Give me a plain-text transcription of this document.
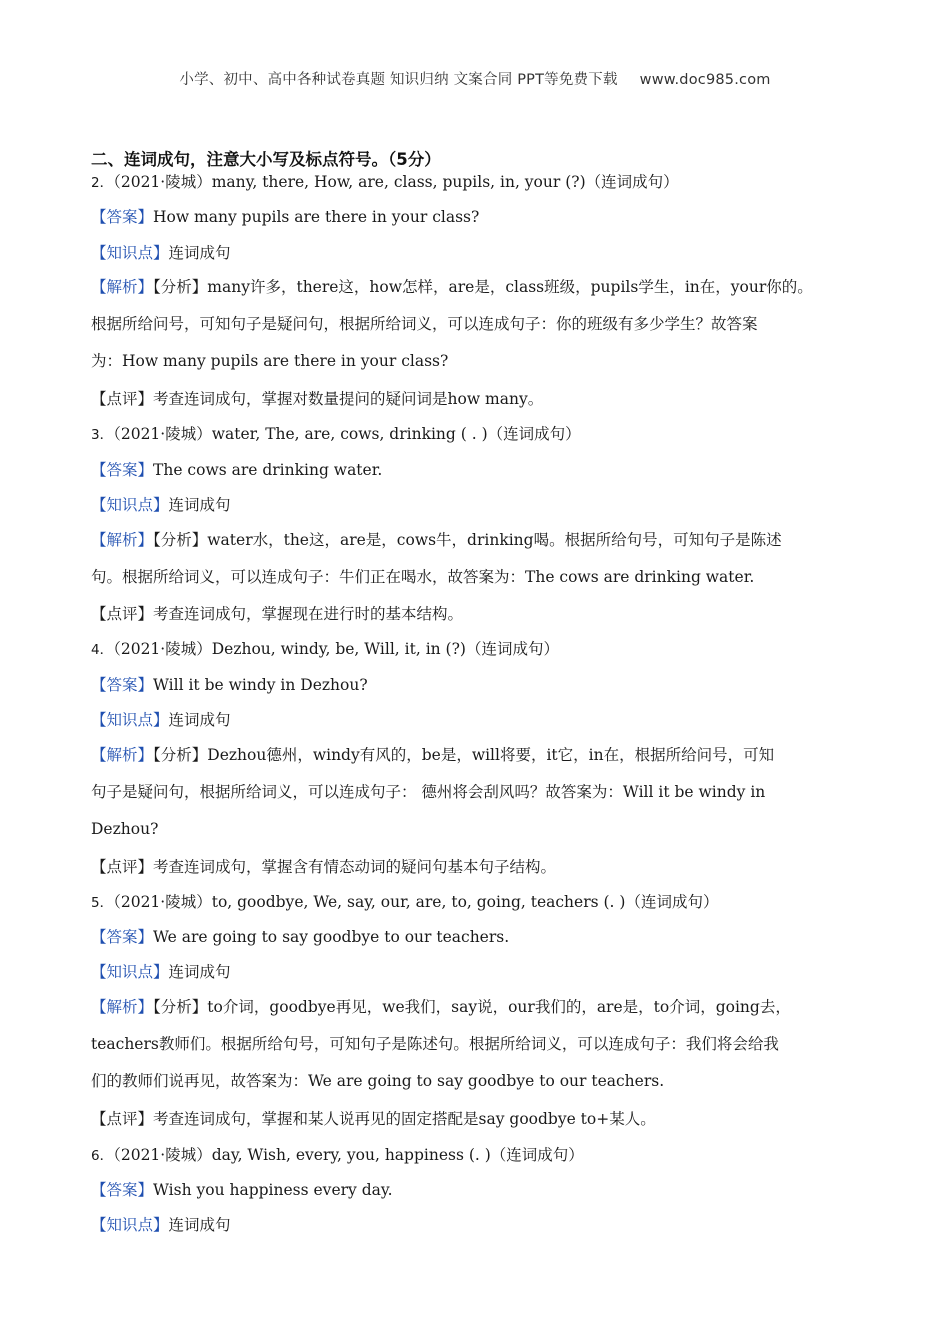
小学、初中、高中各种试卷真题 知识归纳 文案合同 PPT等免费下载 www.doc985.com
二、连词成句，注意大小写及标点符号。（5分）
2．（2021·陵城）many, there, How, are, class, pupils, in, your (?)（连词成句）
【答案】How many pupils are there in your class?
【知识点】连词成句
【解析】【分析】many许多，there这，how怎样，are是，class班级，pupils学生，in在，your你的。
根据所给问号，可知句子是疑问句，根据所给词义，可以连成句子：你的班级有多少学生？故答案
为：How many pupils are there in your class?
【点评】考查连词成句，掌握对数量提问的疑问词是how many。
3．（2021·陵城）water, The, are, cows, drinking ( . )（连词成句）
【答案】The cows are drinking water.
【知识点】连词成句
【解析】【分析】water水，the这，are是，cows牛，drinking喝。根据所给句号，可知句子是陈述
句。根据所给词义，可以连成句子：牛们正在喝水，故答案为：The cows are drinking water.
【点评】考查连词成句，掌握现在进行时的基本结构。
4．（2021·陵城）Dezhou, windy, be, Will, it, in (?)（连词成句）
【答案】Will it be windy in Dezhou?
【知识点】连词成句
【解析】【分析】Dezhou德州，windy有风的，be是，will将要，it它，in在，根据所给问号，可知
句子是疑问句，根据所给词义，可以连成句子： 德州将会刮风吗？故答案为：Will it be windy in
Dezhou?
【点评】考查连词成句，掌握含有情态动词的疑问句基本句子结构。
5．（2021·陵城）to, goodbye, We, say, our, are, to, going, teachers (. )（连词成句）
【答案】We are going to say goodbye to our teachers.
【知识点】连词成句
【解析】【分析】to介词，goodbye再见，we我们，say说，our我们的，are是，to介词，going去，
teachers教师们。根据所给句号，可知句子是陈述句。根据所给词义，可以连成句子：我们将会给我
们的教师们说再见，故答案为：We are going to say goodbye to our teachers.
【点评】考查连词成句，掌握和某人说再见的固定搭配是say goodbye to+某人。
6．（2021·陵城）day, Wish, every, you, happiness (. )（连词成句）
【答案】Wish you happiness every day.
【知识点】连词成句
